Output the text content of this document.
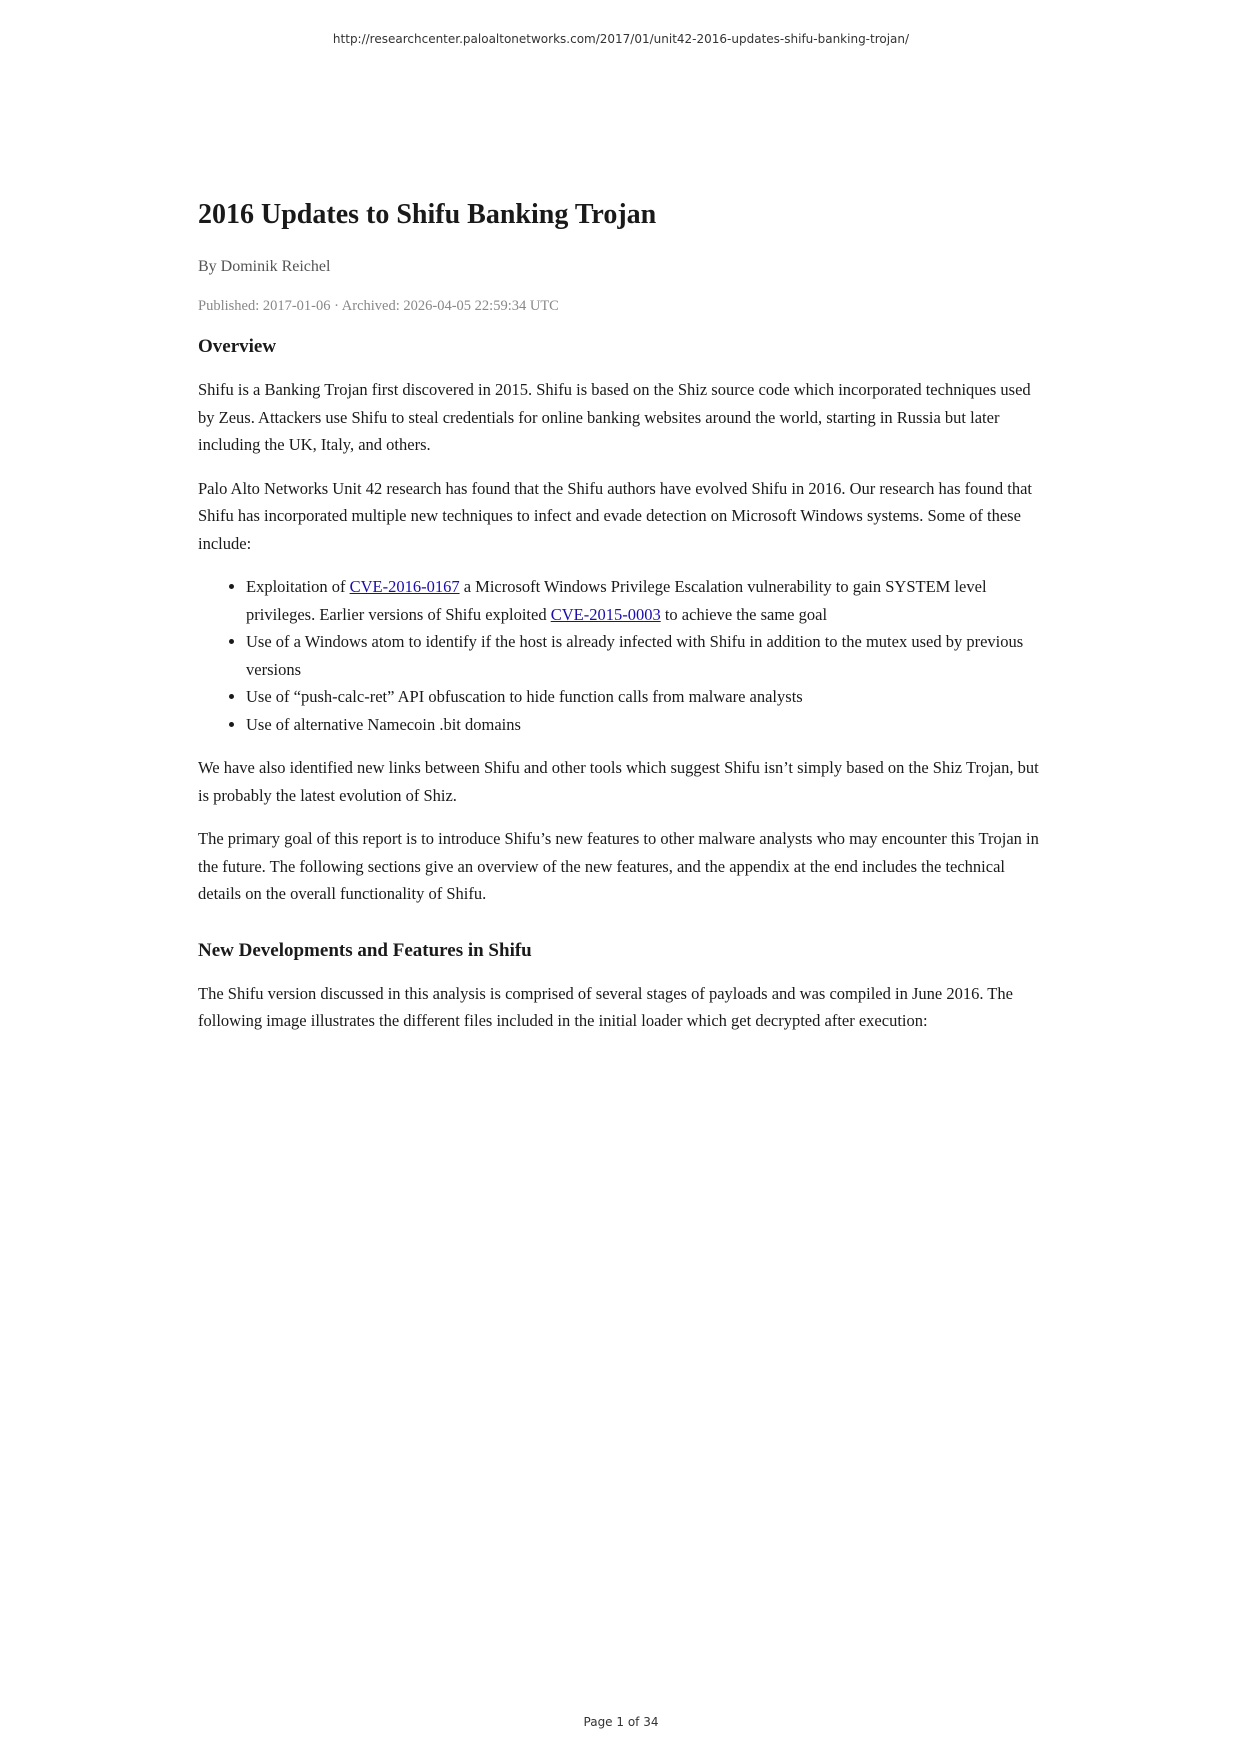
http://researchcenter.paloaltonetworks.com/2017/01/unit42-2016-updates-shifu-banking-trojan/
2016 Updates to Shifu Banking Trojan
By Dominik Reichel
Published: 2017-01-06 · Archived: 2026-04-05 22:59:34 UTC
Overview

Shifu is a Banking Trojan first discovered in 2015. Shifu is based on the Shiz source code which incorporated techniques used by Zeus. Attackers use Shifu to steal credentials for online banking websites around the world, starting in Russia but later including the UK, Italy, and others.

Palo Alto Networks Unit 42 research has found that the Shifu authors have evolved Shifu in 2016. Our research has found that Shifu has incorporated multiple new techniques to infect and evade detection on Microsoft Windows systems. Some of these include:

• Exploitation of CVE-2016-0167 a Microsoft Windows Privilege Escalation vulnerability to gain SYSTEM level privileges. Earlier versions of Shifu exploited CVE-2015-0003 to achieve the same goal
• Use of a Windows atom to identify if the host is already infected with Shifu in addition to the mutex used by previous versions
• Use of “push-calc-ret” API obfuscation to hide function calls from malware analysts
• Use of alternative Namecoin .bit domains

We have also identified new links between Shifu and other tools which suggest Shifu isn’t simply based on the Shiz Trojan, but is probably the latest evolution of Shiz.

The primary goal of this report is to introduce Shifu’s new features to other malware analysts who may encounter this Trojan in the future. The following sections give an overview of the new features, and the appendix at the end includes the technical details on the overall functionality of Shifu.

New Developments and Features in Shifu

The Shifu version discussed in this analysis is comprised of several stages of payloads and was compiled in June 2016. The following image illustrates the different files included in the initial loader which get decrypted after execution:

Page 1 of 34
